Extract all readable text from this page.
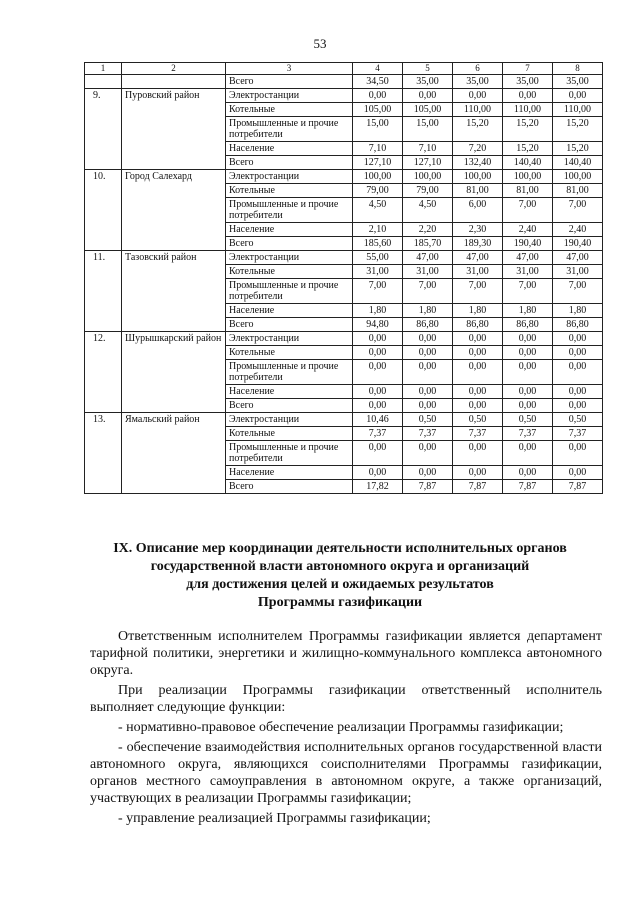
53
1	2	3	4	5	6	7	8
		Всего	34,50	35,00	35,00	35,00	35,00
9.	Пуровский район	Электростанции	0,00	0,00	0,00	0,00	0,00
		Котельные	105,00	105,00	110,00	110,00	110,00
		Промышленные и прочие потребители	15,00	15,00	15,20	15,20	15,20
		Население	7,10	7,10	7,20	15,20	15,20
		Всего	127,10	127,10	132,40	140,40	140,40
10.	Город Салехард	Электростанции	100,00	100,00	100,00	100,00	100,00
		Котельные	79,00	79,00	81,00	81,00	81,00
		Промышленные и прочие потребители	4,50	4,50	6,00	7,00	7,00
		Население	2,10	2,20	2,30	2,40	2,40
		Всего	185,60	185,70	189,30	190,40	190,40
11.	Тазовский район	Электростанции	55,00	47,00	47,00	47,00	47,00
		Котельные	31,00	31,00	31,00	31,00	31,00
		Промышленные и прочие потребители	7,00	7,00	7,00	7,00	7,00
		Население	1,80	1,80	1,80	1,80	1,80
		Всего	94,80	86,80	86,80	86,80	86,80
12.	Шурышкарский район	Электростанции	0,00	0,00	0,00	0,00	0,00
		Котельные	0,00	0,00	0,00	0,00	0,00
		Промышленные и прочие потребители	0,00	0,00	0,00	0,00	0,00
		Население	0,00	0,00	0,00	0,00	0,00
		Всего	0,00	0,00	0,00	0,00	0,00
13.	Ямальский район	Электростанции	10,46	0,50	0,50	0,50	0,50
		Котельные	7,37	7,37	7,37	7,37	7,37
		Промышленные и прочие потребители	0,00	0,00	0,00	0,00	0,00
		Население	0,00	0,00	0,00	0,00	0,00
		Всего	17,82	7,87	7,87	7,87	7,87
IX. Описание мер координации деятельности исполнительных органов
государственной власти автономного округа и организаций
для достижения целей и ожидаемых результатов
Программы газификации

Ответственным исполнителем Программы газификации является департамент тарифной политики, энергетики и жилищно-коммунального комплекса автономного округа.

При реализации Программы газификации ответственный исполнитель выполняет следующие функции:

- нормативно-правовое обеспечение реализации Программы газификации;

- обеспечение взаимодействия исполнительных органов государственной власти автономного округа, являющихся соисполнителями Программы газификации, органов местного самоуправления в автономном округе, а также организаций, участвующих в реализации Программы газификации;

- управление реализацией Программы газификации;
